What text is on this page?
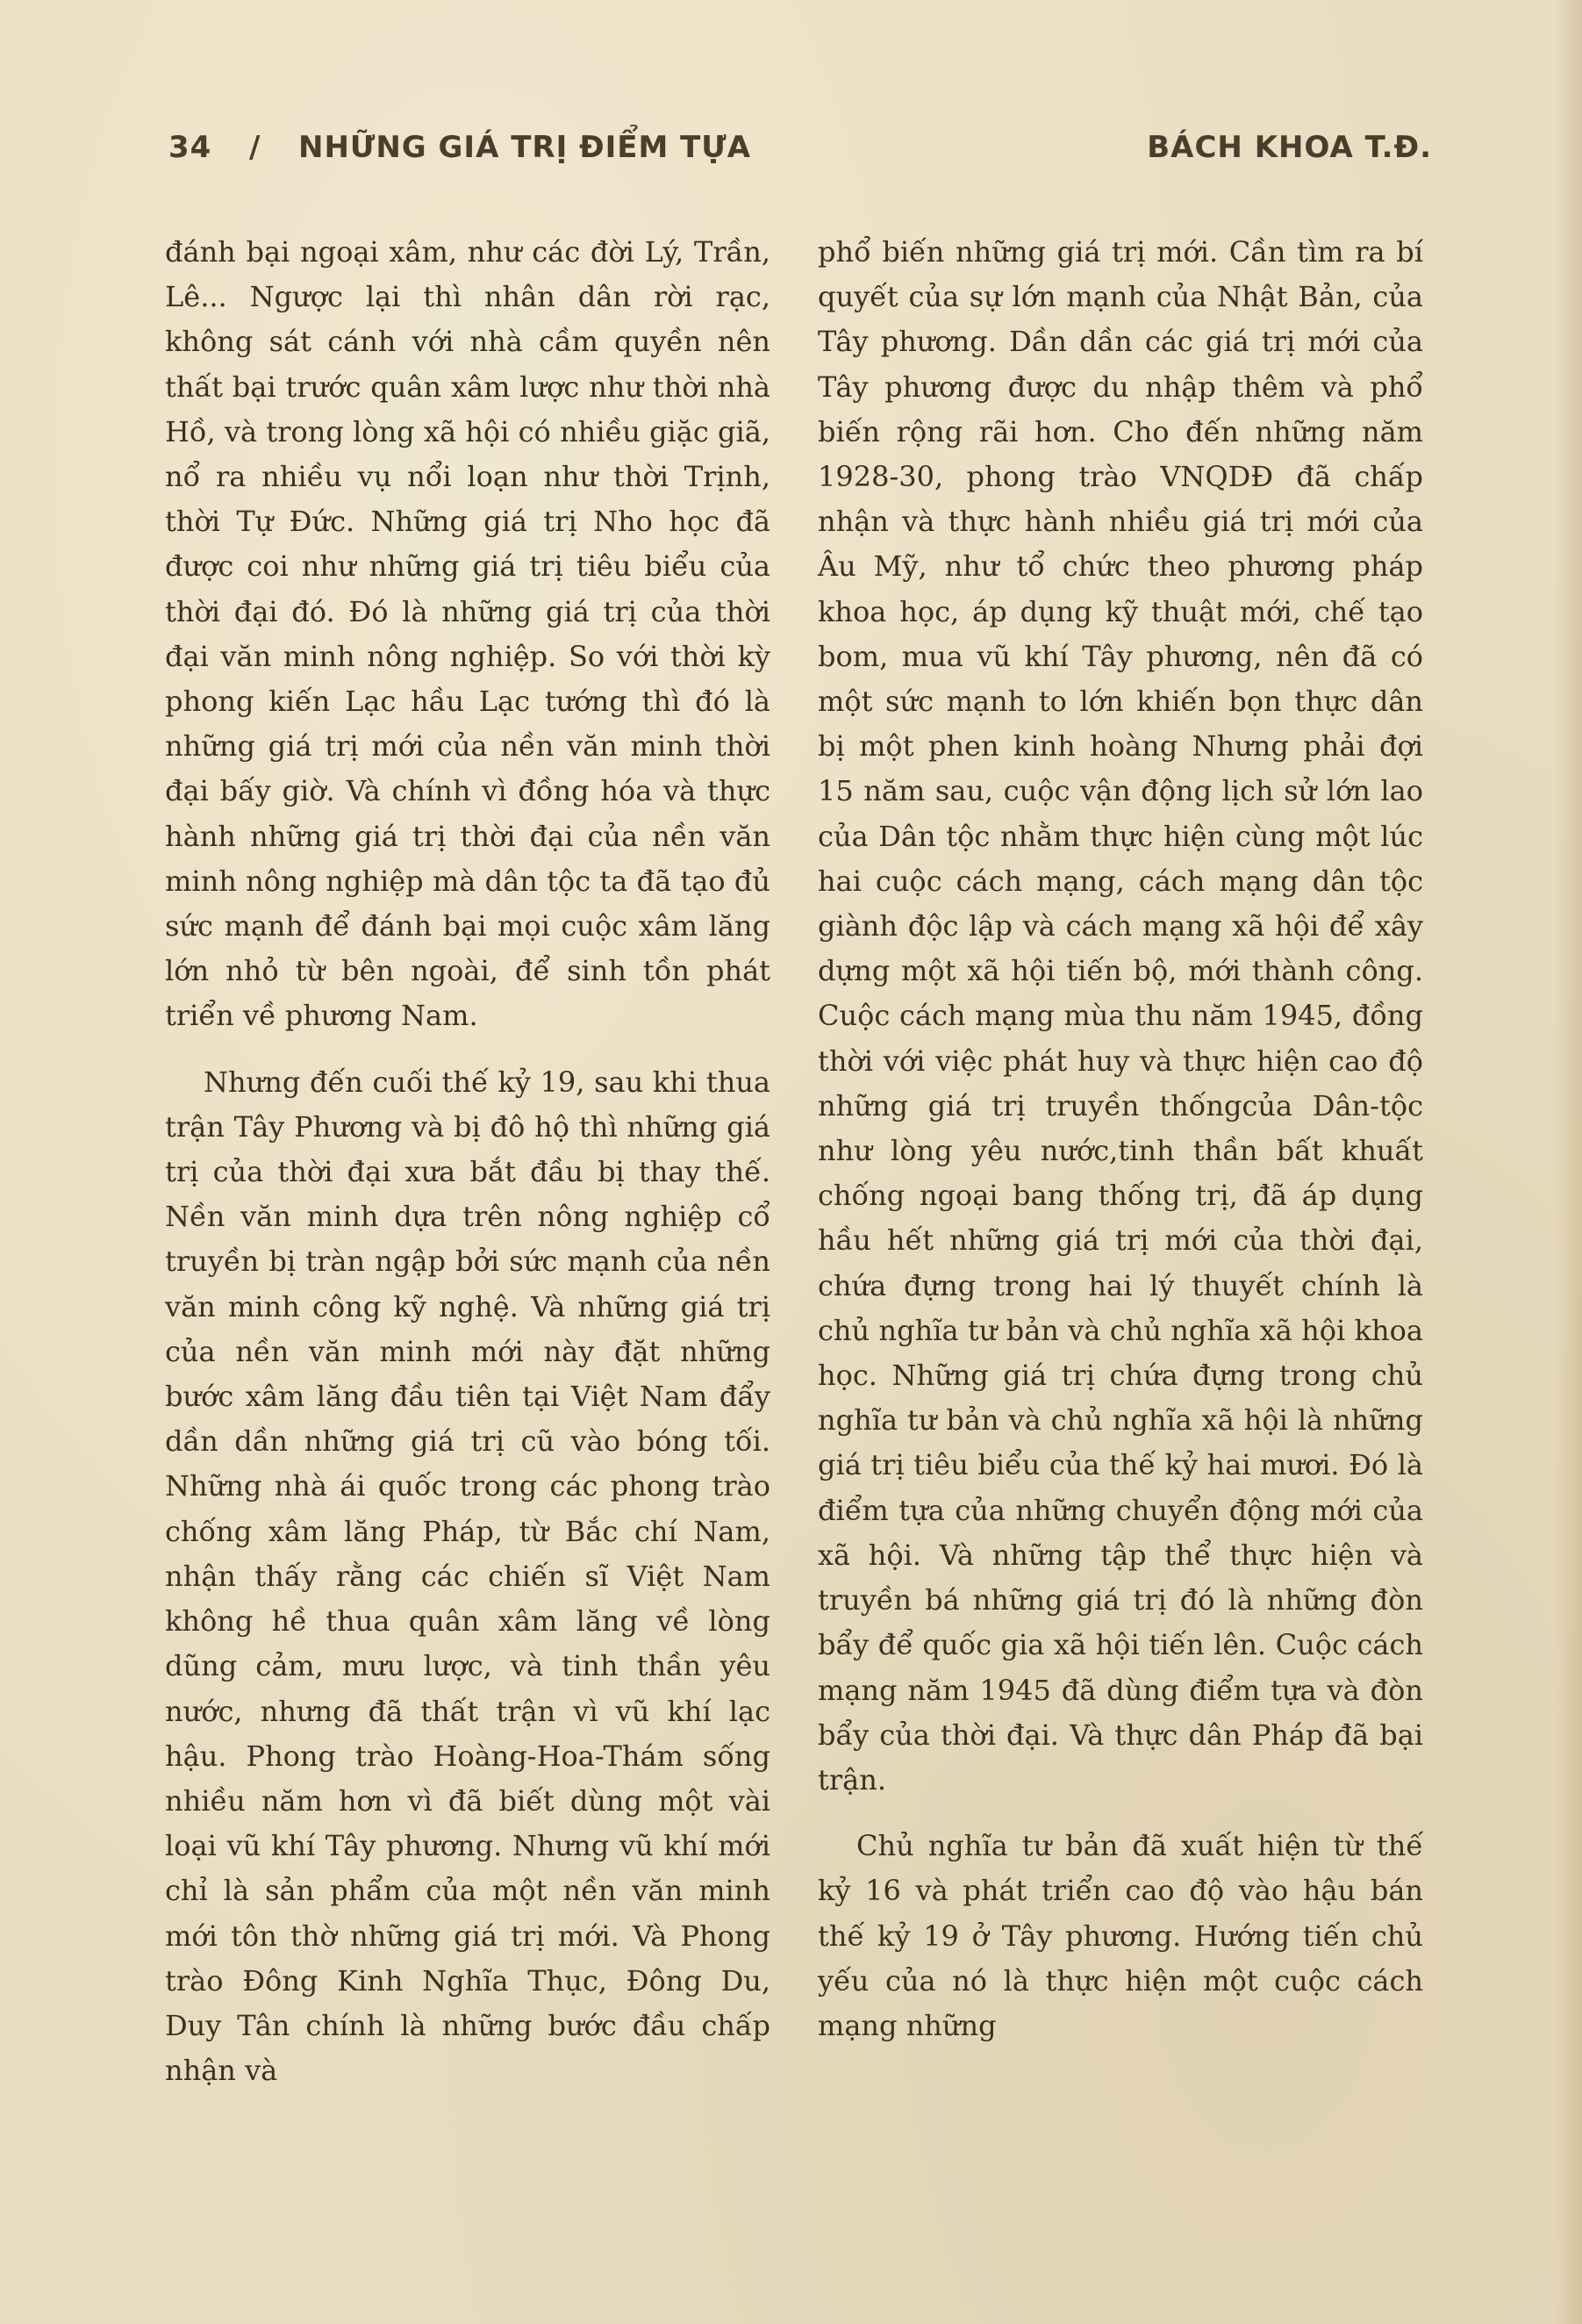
34 / NHỮNG GIÁ TRỊ ĐIỂM TỰA	BÁCH KHOA T.Đ.

đánh bại ngoại xâm, như các đời Lý, Trần, Lê... Ngược lại thì nhân dân rời rạc, không sát cánh với nhà cầm quyền nên thất bại trước quân xâm lược như thời nhà Hồ, và trong lòng xã hội có nhiều giặc giã, nổ ra nhiều vụ nổi loạn như thời Trịnh, thời Tự Đức. Những giá trị Nho học đã được coi như những giá trị tiêu biểu của thời đại đó. Đó là những giá trị của thời đại văn minh nông nghiệp. So với thời kỳ phong kiến Lạc hầu Lạc tướng thì đó là những giá trị mới của nền văn minh thời đại bấy giờ. Và chính vì đồng hóa và thực hành những giá trị thời đại của nền văn minh nông nghiệp mà dân tộc ta đã tạo đủ sức mạnh để đánh bại mọi cuộc xâm lăng lớn nhỏ từ bên ngoài, để sinh tồn phát triển về phương Nam.

Nhưng đến cuối thế kỷ 19, sau khi thua trận Tây Phương và bị đô hộ thì những giá trị của thời đại xưa bắt đầu bị thay thế. Nền văn minh dựa trên nông nghiệp cổ truyền bị tràn ngập bởi sức mạnh của nền văn minh công kỹ nghệ. Và những giá trị của nền văn minh mới này đặt những bước xâm lăng đầu tiên tại Việt Nam đẩy dần dần những giá trị cũ vào bóng tối. Những nhà ái quốc trong các phong trào chống xâm lăng Pháp, từ Bắc chí Nam, nhận thấy rằng các chiến sĩ Việt Nam không hề thua quân xâm lăng về lòng dũng cảm, mưu lược, và tinh thần yêu nước, nhưng đã thất trận vì vũ khí lạc hậu. Phong trào Hoàng-Hoa-Thám sống nhiều năm hơn vì đã biết dùng một vài loại vũ khí Tây phương. Nhưng vũ khí mới chỉ là sản phẩm của một nền văn minh mới tôn thờ những giá trị mới. Và Phong trào Đông Kinh Nghĩa Thục, Đông Du, Duy Tân chính là những bước đầu chấp nhận và

phổ biến những giá trị mới. Cần tìm ra bí quyết của sự lớn mạnh của Nhật Bản, của Tây phương. Dần dần các giá trị mới của Tây phương được du nhập thêm và phổ biến rộng rãi hơn. Cho đến những năm 1928-30, phong trào VNQDĐ đã chấp nhận và thực hành nhiều giá trị mới của Âu Mỹ, như tổ chức theo phương pháp khoa học, áp dụng kỹ thuật mới, chế tạo bom, mua vũ khí Tây phương, nên đã có một sức mạnh to lớn khiến bọn thực dân bị một phen kinh hoàng Nhưng phải đợi 15 năm sau, cuộc vận động lịch sử lớn lao của Dân tộc nhằm thực hiện cùng một lúc hai cuộc cách mạng, cách mạng dân tộc giành độc lập và cách mạng xã hội để xây dựng một xã hội tiến bộ, mới thành công. Cuộc cách mạng mùa thu năm 1945, đồng thời với việc phát huy và thực hiện cao độ những giá trị truyền thốngcủa Dân-tộc như lòng yêu nước,tinh thần bất khuất chống ngoại bang thống trị, đã áp dụng hầu hết những giá trị mới của thời đại, chứa đựng trong hai lý thuyết chính là chủ nghĩa tư bản và chủ nghĩa xã hội khoa học. Những giá trị chứa đựng trong chủ nghĩa tư bản và chủ nghĩa xã hội là những giá trị tiêu biểu của thế kỷ hai mươi. Đó là điểm tựa của những chuyển động mới của xã hội. Và những tập thể thực hiện và truyền bá những giá trị đó là những đòn bẩy để quốc gia xã hội tiến lên. Cuộc cách mạng năm 1945 đã dùng điểm tựa và đòn bẩy của thời đại. Và thực dân Pháp đã bại trận.

Chủ nghĩa tư bản đã xuất hiện từ thế kỷ 16 và phát triển cao độ vào hậu bán thế kỷ 19 ở Tây phương. Hướng tiến chủ yếu của nó là thực hiện một cuộc cách mạng những
